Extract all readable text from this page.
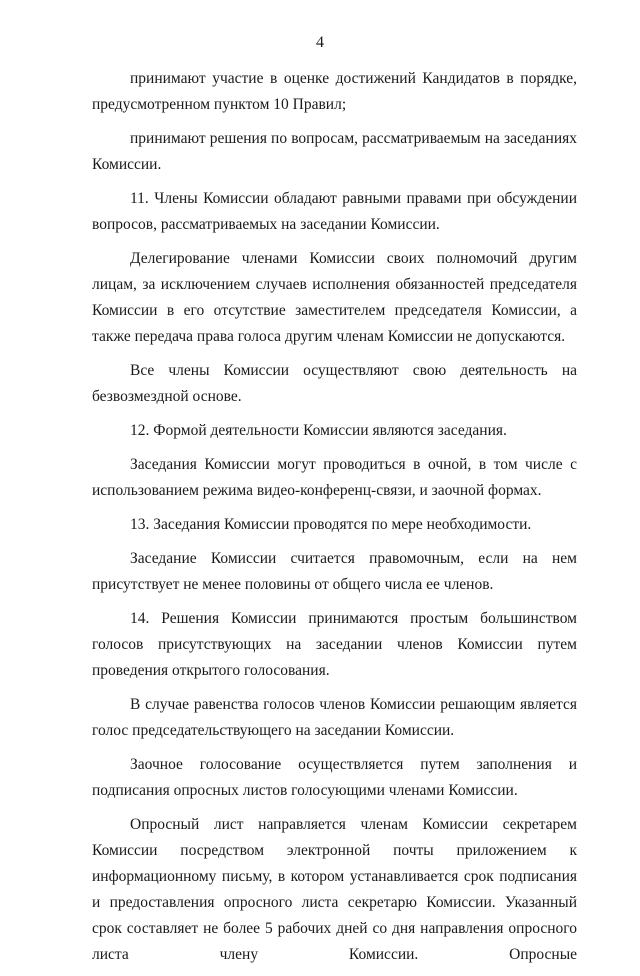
4

принимают участие в оценке достижений Кандидатов в порядке, предусмотренном пунктом 10 Правил;

принимают решения по вопросам, рассматриваемым на заседаниях Комиссии.

11. Члены Комиссии обладают равными правами при обсуждении вопросов, рассматриваемых на заседании Комиссии.

Делегирование членами Комиссии своих полномочий другим лицам, за исключением случаев исполнения обязанностей председателя Комиссии в его отсутствие заместителем председателя Комиссии, а также передача права голоса другим членам Комиссии не допускаются.

Все члены Комиссии осуществляют свою деятельность на безвозмездной основе.

12. Формой деятельности Комиссии являются заседания.

Заседания Комиссии могут проводиться в очной, в том числе с использованием режима видео-конференц-связи, и заочной формах.

13. Заседания Комиссии проводятся по мере необходимости.

Заседание Комиссии считается правомочным, если на нем присутствует не менее половины от общего числа ее членов.

14. Решения Комиссии принимаются простым большинством голосов присутствующих на заседании членов Комиссии путем проведения открытого голосования.

В случае равенства голосов членов Комиссии решающим является голос председательствующего на заседании Комиссии.

Заочное голосование осуществляется путем заполнения и подписания опросных листов голосующими членами Комиссии.

Опросный лист направляется членам Комиссии секретарем Комиссии посредством электронной почты приложением к информационному письму, в котором устанавливается срок подписания и предоставления опросного листа секретарю Комиссии. Указанный срок составляет не более 5 рабочих дней со дня направления опросного листа члену Комиссии. Опросные
